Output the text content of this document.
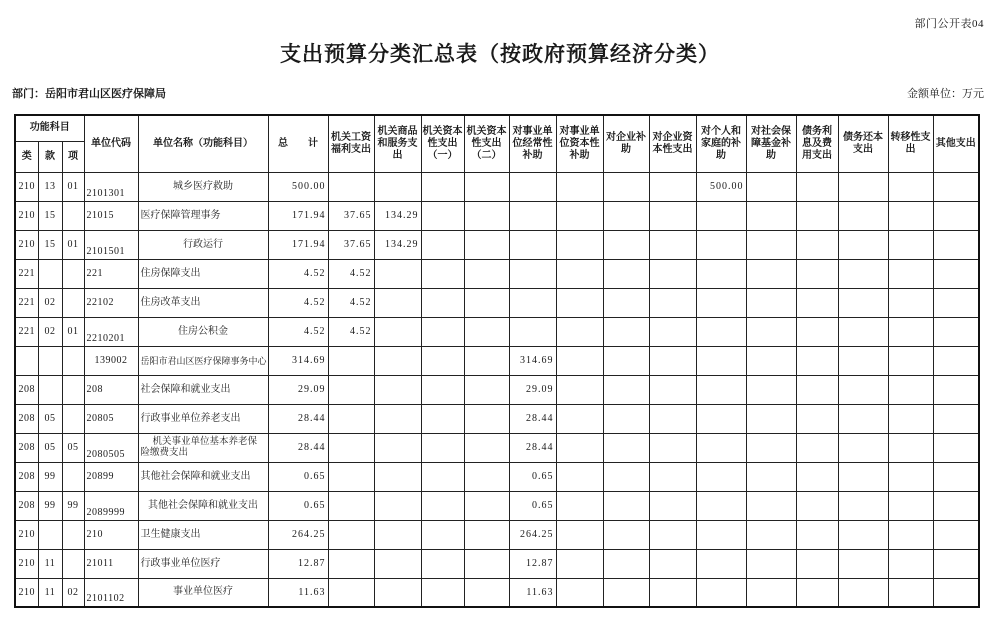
部门公开表04
支出预算分类汇总表（按政府预算经济分类）
部门：岳阳市君山区医疗保障局	金额单位：万元
功能科目			单位代码	单位名称（功能科目）	总　　计	机关工资福利支出	机关商品和服务支出	机关资本性支出（一）	机关资本性支出（二）	对事业单位经常性补助	对事业单位资本性补助	对企业补助	对企业资本性支出	对个人和家庭的补助	对社会保障基金补助	债务利息及费用支出	债务还本支出	转移性支出	其他支出
类	款	项																	
210	13	01	2101301	城乡医疗救助	500.00									500.00					
210	15		21015	医疗保障管理事务	171.94	37.65	134.29												
210	15	01	2101501	行政运行	171.94	37.65	134.29												
221			221	住房保障支出	4.52	4.52													
221	02		22102	住房改革支出	4.52	4.52													
221	02	01	2210201	住房公积金	4.52	4.52													
			139002	岳阳市君山区医疗保障事务中心	314.69					314.69									
208			208	社会保障和就业支出	29.09					29.09									
208	05		20805	行政事业单位养老支出	28.44					28.44									
208	05	05	2080505	机关事业单位基本养老保险缴费支出	28.44					28.44									
208	99		20899	其他社会保障和就业支出	0.65					0.65									
208	99	99	2089999	其他社会保障和就业支出	0.65					0.65									
210			210	卫生健康支出	264.25					264.25									
210	11		21011	行政事业单位医疗	12.87					12.87									
210	11	02	2101102	事业单位医疗	11.63					11.63									
